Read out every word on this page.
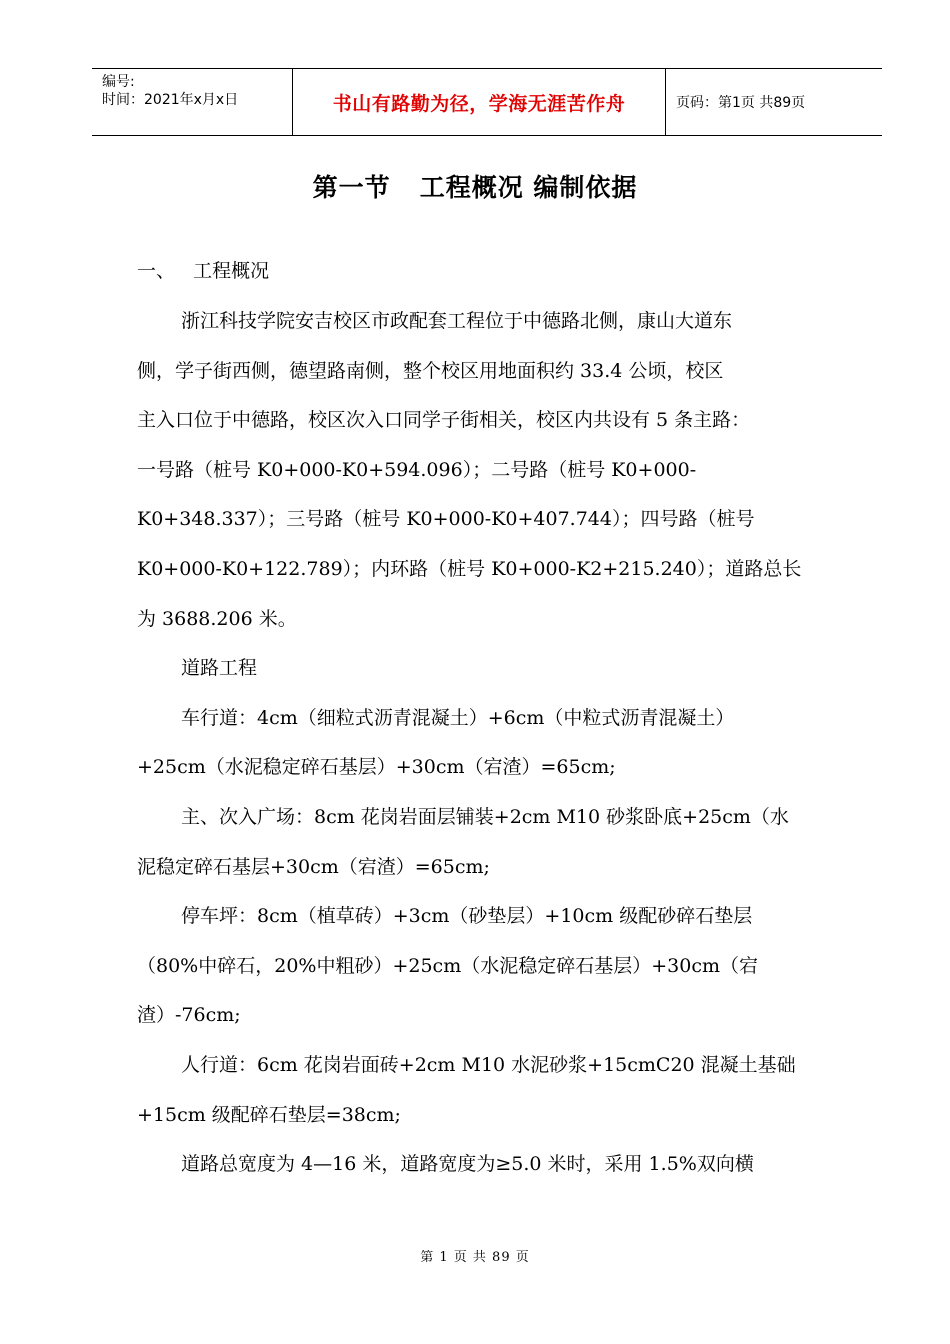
编号:
时间：2021年x月x日	书山有路勤为径，学海无涯苦作舟	页码：第1页 共89页
第一节   工程概况 编制依据
一、   工程概况
浙江科技学院安吉校区市政配套工程位于中德路北侧，康山大道东
侧，学子街西侧，德望路南侧，整个校区用地面积约 33.4 公顷，校区
主入口位于中德路，校区次入口同学子街相关，校区内共设有 5 条主路：
一号路（桩号 K0+000-K0+594.096）；二号路（桩号 K0+000-
K0+348.337）；三号路（桩号 K0+000-K0+407.744）；四号路（桩号
K0+000-K0+122.789）；内环路（桩号 K0+000-K2+215.240）；道路总长
为 3688.206 米。
道路工程
车行道：4cm（细粒式沥青混凝土）+6cm（中粒式沥青混凝土）
+25cm（水泥稳定碎石基层）+30cm（宕渣）=65cm;
主、次入广场：8cm 花岗岩面层铺装+2cm M10 砂浆卧底+25cm（水
泥稳定碎石基层+30cm（宕渣）=65cm;
停车坪：8cm（植草砖）+3cm（砂垫层）+10cm 级配砂碎石垫层
（80%中碎石，20%中粗砂）+25cm（水泥稳定碎石基层）+30cm（宕
渣）-76cm;
人行道：6cm 花岗岩面砖+2cm M10 水泥砂浆+15cmC20 混凝土基础
+15cm 级配碎石垫层=38cm;
道路总宽度为 4—16 米，道路宽度为≥5.0 米时，采用 1.5%双向横
第 1 页 共 89 页
